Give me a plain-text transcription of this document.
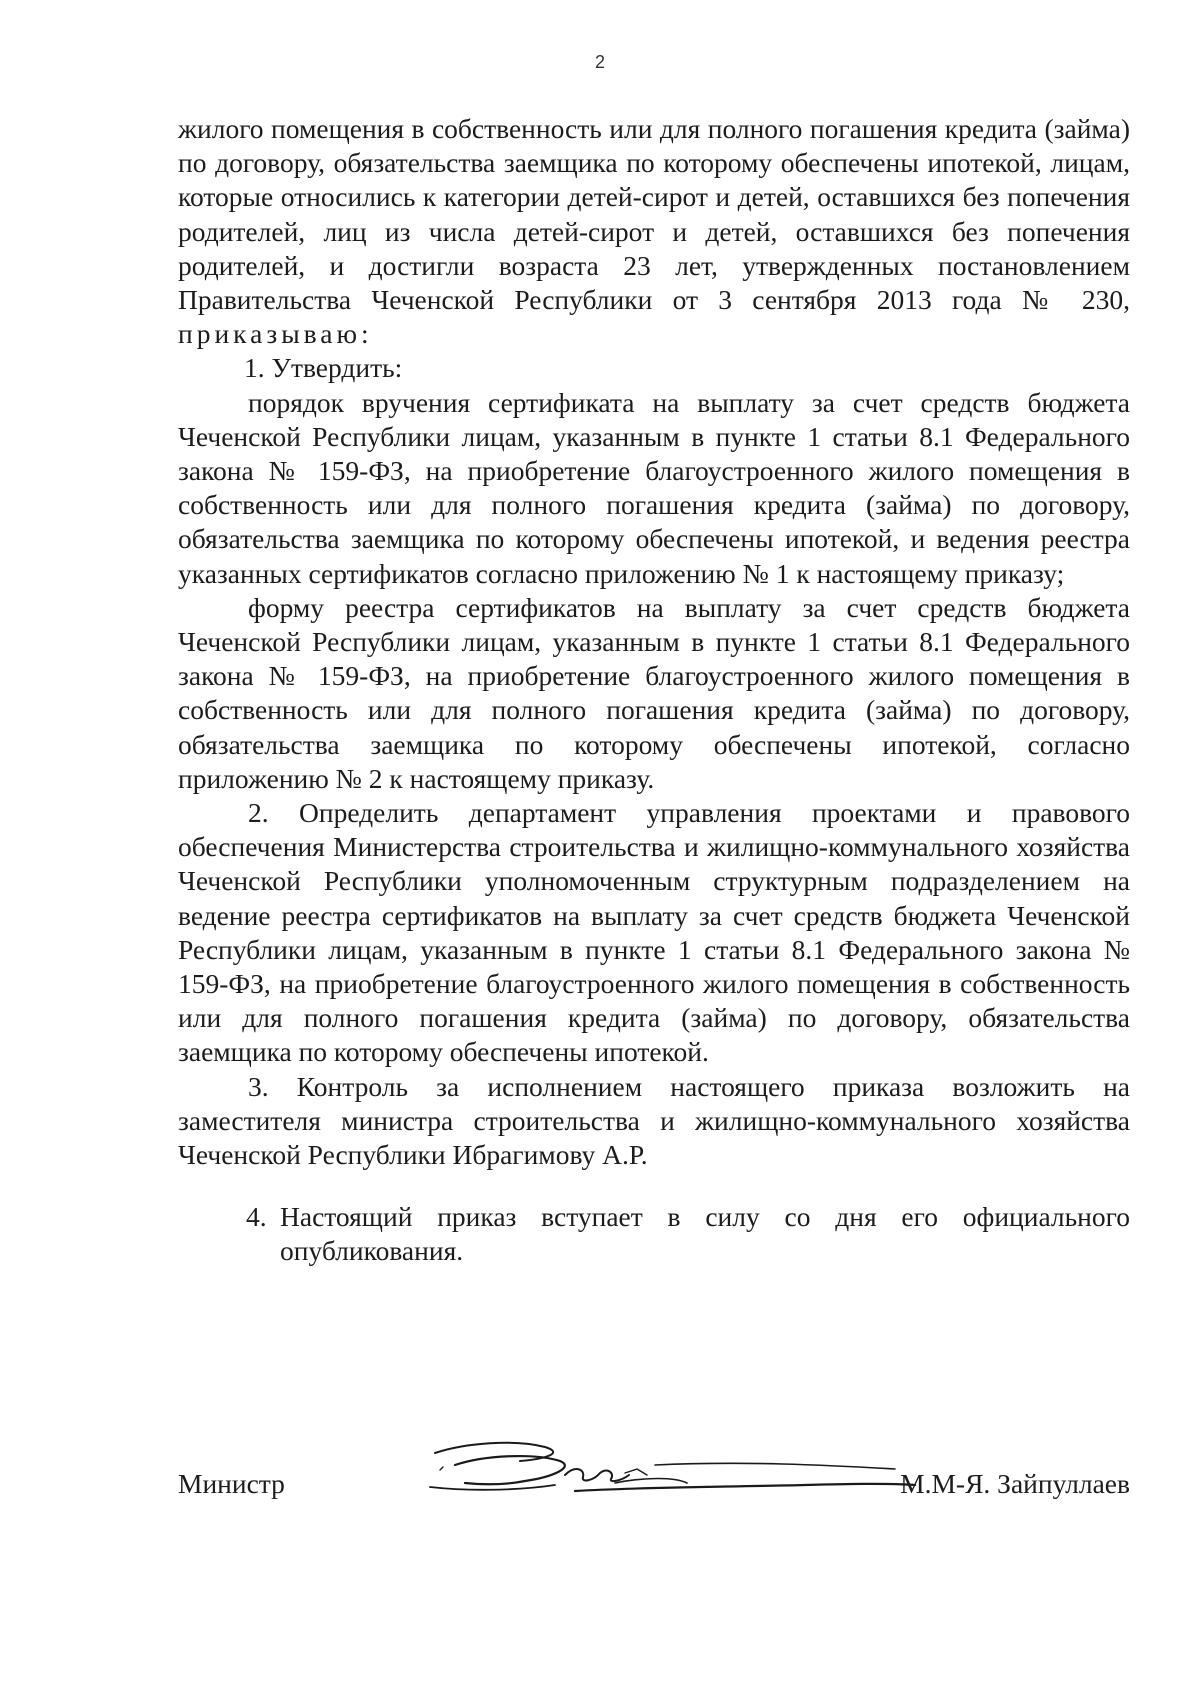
2

жилого помещения в собственность или для полного погашения кредита (займа) по договору, обязательства заемщика по которому обеспечены ипотекой, лицам, которые относились к категории детей-сирот и детей, оставшихся без попечения родителей, лиц из числа детей-сирот и детей, оставшихся без попечения родителей, и достигли возраста 23 лет, утвержденных постановлением Правительства Чеченской Республики от 3 сентября 2013 года № 230, приказываю:

1. Утвердить:

порядок вручения сертификата на выплату за счет средств бюджета Чеченской Республики лицам, указанным в пункте 1 статьи 8.1 Федерального закона № 159-ФЗ, на приобретение благоустроенного жилого помещения в собственность или для полного погашения кредита (займа) по договору, обязательства заемщика по которому обеспечены ипотекой, и ведения реестра указанных сертификатов согласно приложению № 1 к настоящему приказу;

форму реестра сертификатов на выплату за счет средств бюджета Чеченской Республики лицам, указанным в пункте 1 статьи 8.1 Федерального закона № 159-ФЗ, на приобретение благоустроенного жилого помещения в собственность или для полного погашения кредита (займа) по договору, обязательства заемщика по которому обеспечены ипотекой, согласно приложению № 2 к настоящему приказу.

2. Определить департамент управления проектами и правового обеспечения Министерства строительства и жилищно-коммунального хозяйства Чеченской Республики уполномоченным структурным подразделением на ведение реестра сертификатов на выплату за счет средств бюджета Чеченской Республики лицам, указанным в пункте 1 статьи 8.1 Федерального закона № 159-ФЗ, на приобретение благоустроенного жилого помещения в собственность или для полного погашения кредита (займа) по договору, обязательства заемщика по которому обеспечены ипотекой.

3. Контроль за исполнением настоящего приказа возложить на заместителя министра строительства и жилищно-коммунального хозяйства Чеченской Республики Ибрагимову А.Р.

4. Настоящий приказ вступает в силу со дня его официального опубликования.

Министр	М.М-Я. Зайпуллаев
